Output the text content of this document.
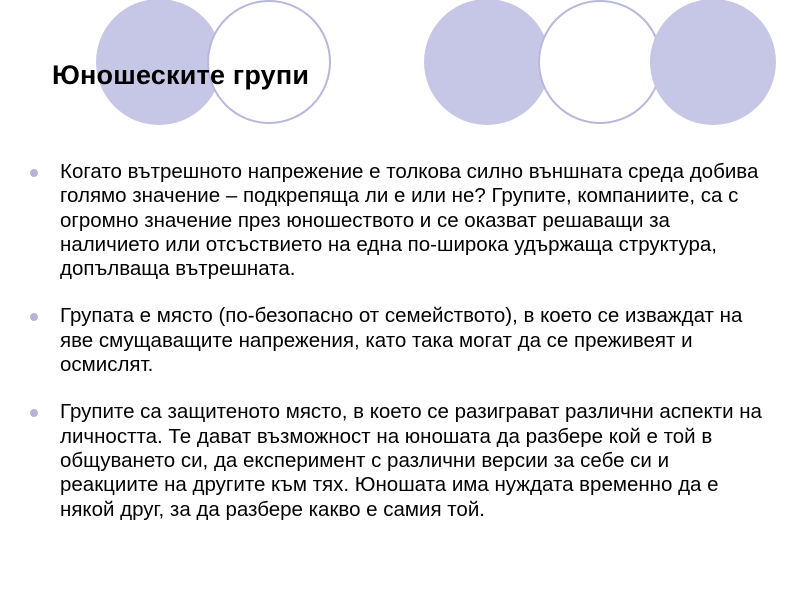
Юношеските групи
Когато вътрешното напрежение е толкова силно външната среда добива голямо значение – подкрепяща ли е или не? Групите, компаниите, са с огромно значение през юношеството и се оказват решаващи за наличието или отсъствието на една по-широка удържаща структура, допълваща вътрешната.
Групата е място (по-безопасно от семейството), в което се изваждат на яве смущаващите напрежения, като така могат да се преживеят и осмислят.
Групите са защитеното място, в което се разиграват различни аспекти на личността. Те дават възможност на юношата да разбере кой е той в общуването си, да експеримент с различни версии за себе си и реакциите на другите към тях. Юношата има нуждата временно да е някой друг, за да разбере какво е самия той.
